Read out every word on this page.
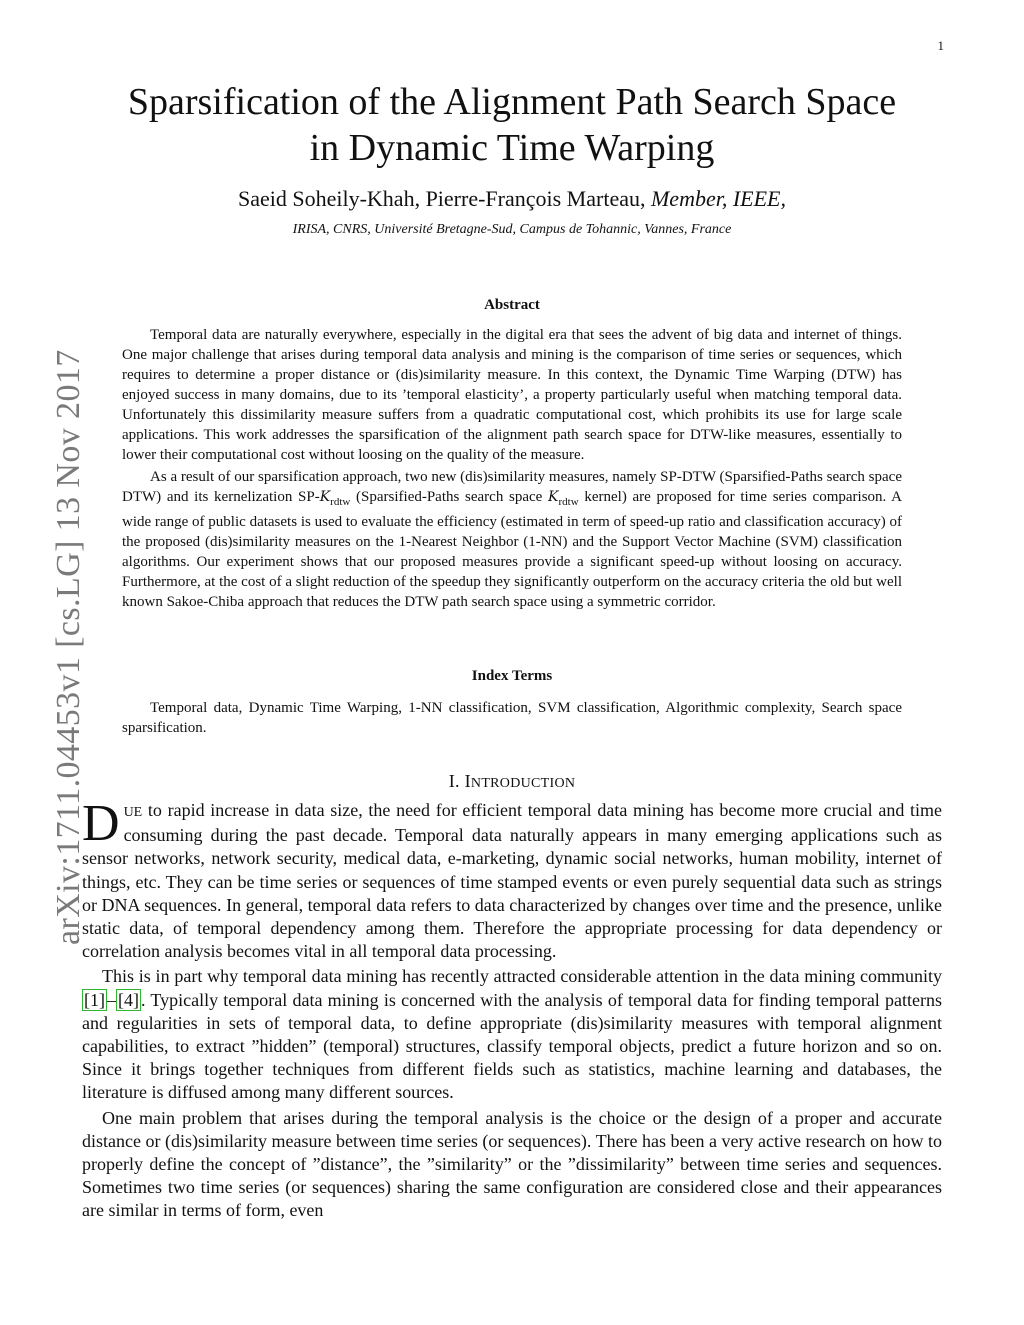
1
arXiv:1711.04453v1 [cs.LG] 13 Nov 2017
Sparsification of the Alignment Path Search Space
in Dynamic Time Warping
Saeid Soheily-Khah, Pierre-François Marteau, Member, IEEE,
IRISA, CNRS, Université Bretagne-Sud, Campus de Tohannic, Vannes, France
Abstract

Temporal data are naturally everywhere, especially in the digital era that sees the advent of big data and internet of things. One major challenge that arises during temporal data analysis and mining is the comparison of time series or sequences, which requires to determine a proper distance or (dis)similarity measure. In this context, the Dynamic Time Warping (DTW) has enjoyed success in many domains, due to its ’temporal elasticity’, a property particularly useful when matching temporal data. Unfortunately this dissimilarity measure suffers from a quadratic computational cost, which prohibits its use for large scale applications. This work addresses the sparsification of the alignment path search space for DTW-like measures, essentially to lower their computational cost without loosing on the quality of the measure.

As a result of our sparsification approach, two new (dis)similarity measures, namely SP-DTW (Sparsified-Paths search space DTW) and its kernelization $SP-K_{rdtw}$ (Sparsified-Paths search space $K_{rdtw}$ kernel) are proposed for time series comparison. A wide range of public datasets is used to evaluate the efficiency (estimated in term of speed-up ratio and classification accuracy) of the proposed (dis)similarity measures on the 1-Nearest Neighbor (1-NN) and the Support Vector Machine (SVM) classification algorithms. Our experiment shows that our proposed measures provide a significant speed-up without loosing on accuracy. Furthermore, at the cost of a slight reduction of the speedup they significantly outperform on the accuracy criteria the old but well known Sakoe-Chiba approach that reduces the DTW path search space using a symmetric corridor.

Index Terms

Temporal data, Dynamic Time Warping, 1-NN classification, SVM classification, Algorithmic complexity, Search space sparsification.

I. INTRODUCTION

DUE to rapid increase in data size, the need for efficient temporal data mining has become more crucial and time consuming during the past decade. Temporal data naturally appears in many emerging applications such as sensor networks, network security, medical data, e-marketing, dynamic social networks, human mobility, internet of things, etc. They can be time series or sequences of time stamped events or even purely sequential data such as strings or DNA sequences. In general, temporal data refers to data characterized by changes over time and the presence, unlike static data, of temporal dependency among them. Therefore the appropriate processing for data dependency or correlation analysis becomes vital in all temporal data processing.

This is in part why temporal data mining has recently attracted considerable attention in the data mining community [1] – [4] . Typically temporal data mining is concerned with the analysis of temporal data for finding temporal patterns and regularities in sets of temporal data, to define appropriate (dis)similarity measures with temporal alignment capabilities, to extract ”hidden” (temporal) structures, classify temporal objects, predict a future horizon and so on. Since it brings together techniques from different fields such as statistics, machine learning and databases, the literature is diffused among many different sources.

One main problem that arises during the temporal analysis is the choice or the design of a proper and accurate distance or (dis)similarity measure between time series (or sequences). There has been a very active research on how to properly define the concept of ”distance”, the ”similarity” or the ”dissimilarity” between time series and sequences. Sometimes two time series (or sequences) sharing the same configuration are considered close and their appearances are similar in terms of form, even
